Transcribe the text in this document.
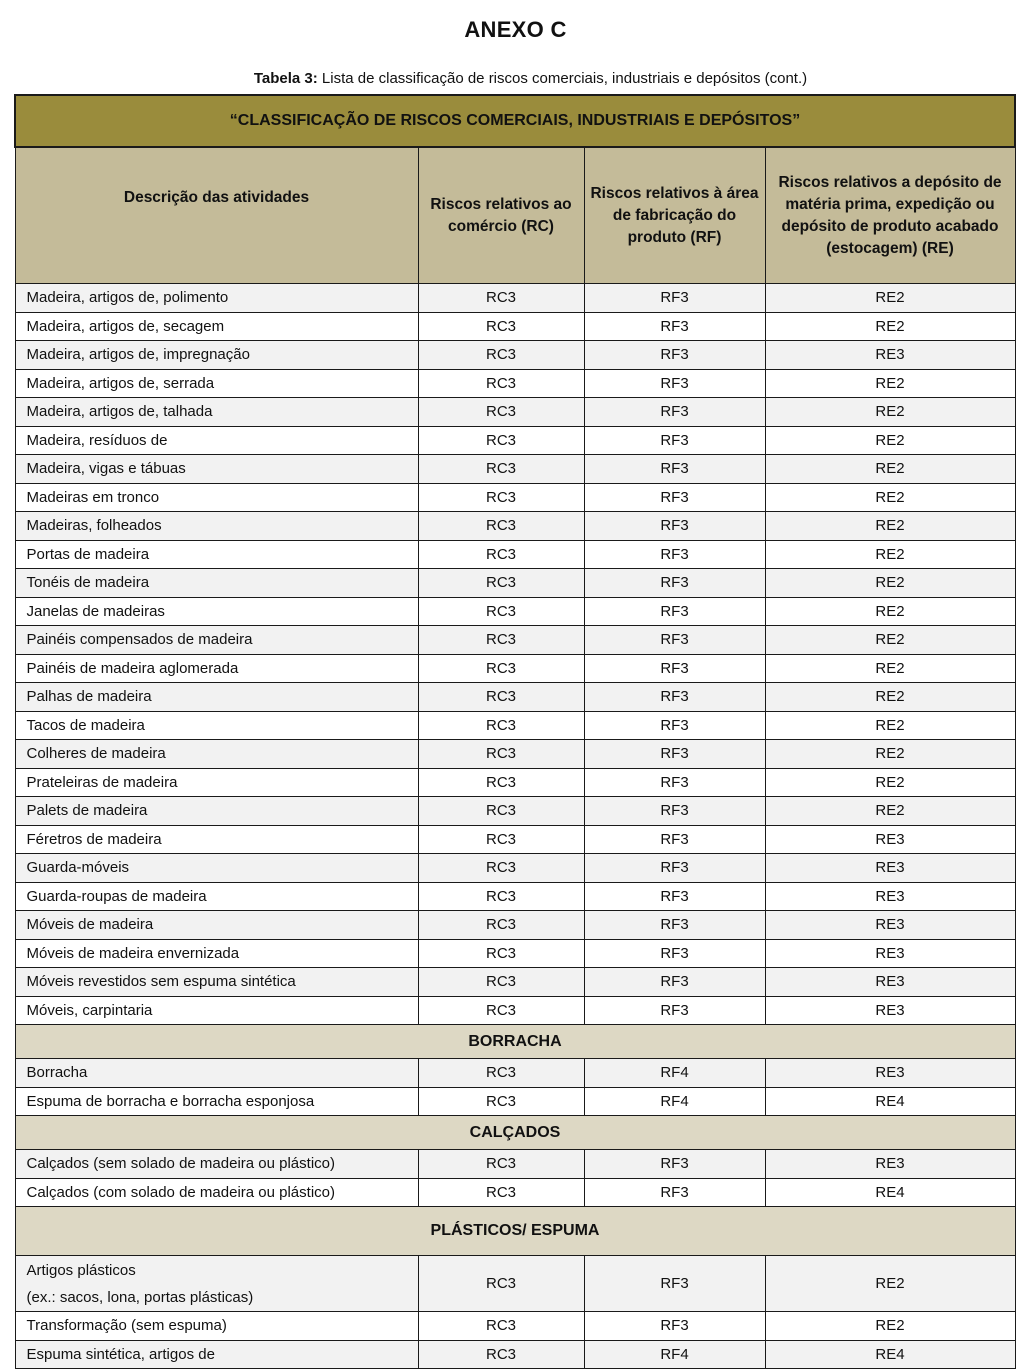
ANEXO C
Tabela 3: Lista de classificação de riscos comerciais, industriais e depósitos (cont.)
“CLASSIFICAÇÃO DE RISCOS COMERCIAIS, INDUSTRIAIS E DEPÓSITOS”			
Descrição das atividades	Riscos relativos ao comércio (RC)	Riscos relativos à área de fabricação do produto (RF)	Riscos relativos a depósito de matéria prima, expedição ou depósito de produto acabado (estocagem) (RE)
Madeira, artigos de, polimento	RC3	RF3	RE2
Madeira, artigos de, secagem	RC3	RF3	RE2
Madeira, artigos de, impregnação	RC3	RF3	RE3
Madeira, artigos de, serrada	RC3	RF3	RE2
Madeira, artigos de, talhada	RC3	RF3	RE2
Madeira, resíduos de	RC3	RF3	RE2
Madeira, vigas e tábuas	RC3	RF3	RE2
Madeiras em tronco	RC3	RF3	RE2
Madeiras, folheados	RC3	RF3	RE2
Portas de madeira	RC3	RF3	RE2
Tonéis de madeira	RC3	RF3	RE2
Janelas de madeiras	RC3	RF3	RE2
Painéis compensados de madeira	RC3	RF3	RE2
Painéis de madeira aglomerada	RC3	RF3	RE2
Palhas de madeira	RC3	RF3	RE2
Tacos de madeira	RC3	RF3	RE2
Colheres de madeira	RC3	RF3	RE2
Prateleiras de madeira	RC3	RF3	RE2
Palets de madeira	RC3	RF3	RE2
Féretros de madeira	RC3	RF3	RE3
Guarda-móveis	RC3	RF3	RE3
Guarda-roupas de madeira	RC3	RF3	RE3
Móveis de madeira	RC3	RF3	RE3
Móveis de madeira envernizada	RC3	RF3	RE3
Móveis revestidos sem espuma sintética	RC3	RF3	RE3
Móveis, carpintaria	RC3	RF3	RE3
BORRACHA			
Borracha	RC3	RF4	RE3
Espuma de borracha e borracha esponjosa	RC3	RF4	RE4
CALÇADOS			
Calçados (sem solado de madeira ou plástico)	RC3	RF3	RE3
Calçados (com solado de madeira ou plástico)	RC3	RF3	RE4
PLÁSTICOS/ ESPUMA			
Artigos plásticos
(ex.: sacos, lona, portas plásticas)	RC3	RF3	RE2
Transformação (sem espuma)	RC3	RF3	RE2
Espuma sintética, artigos de	RC3	RF4	RE4
